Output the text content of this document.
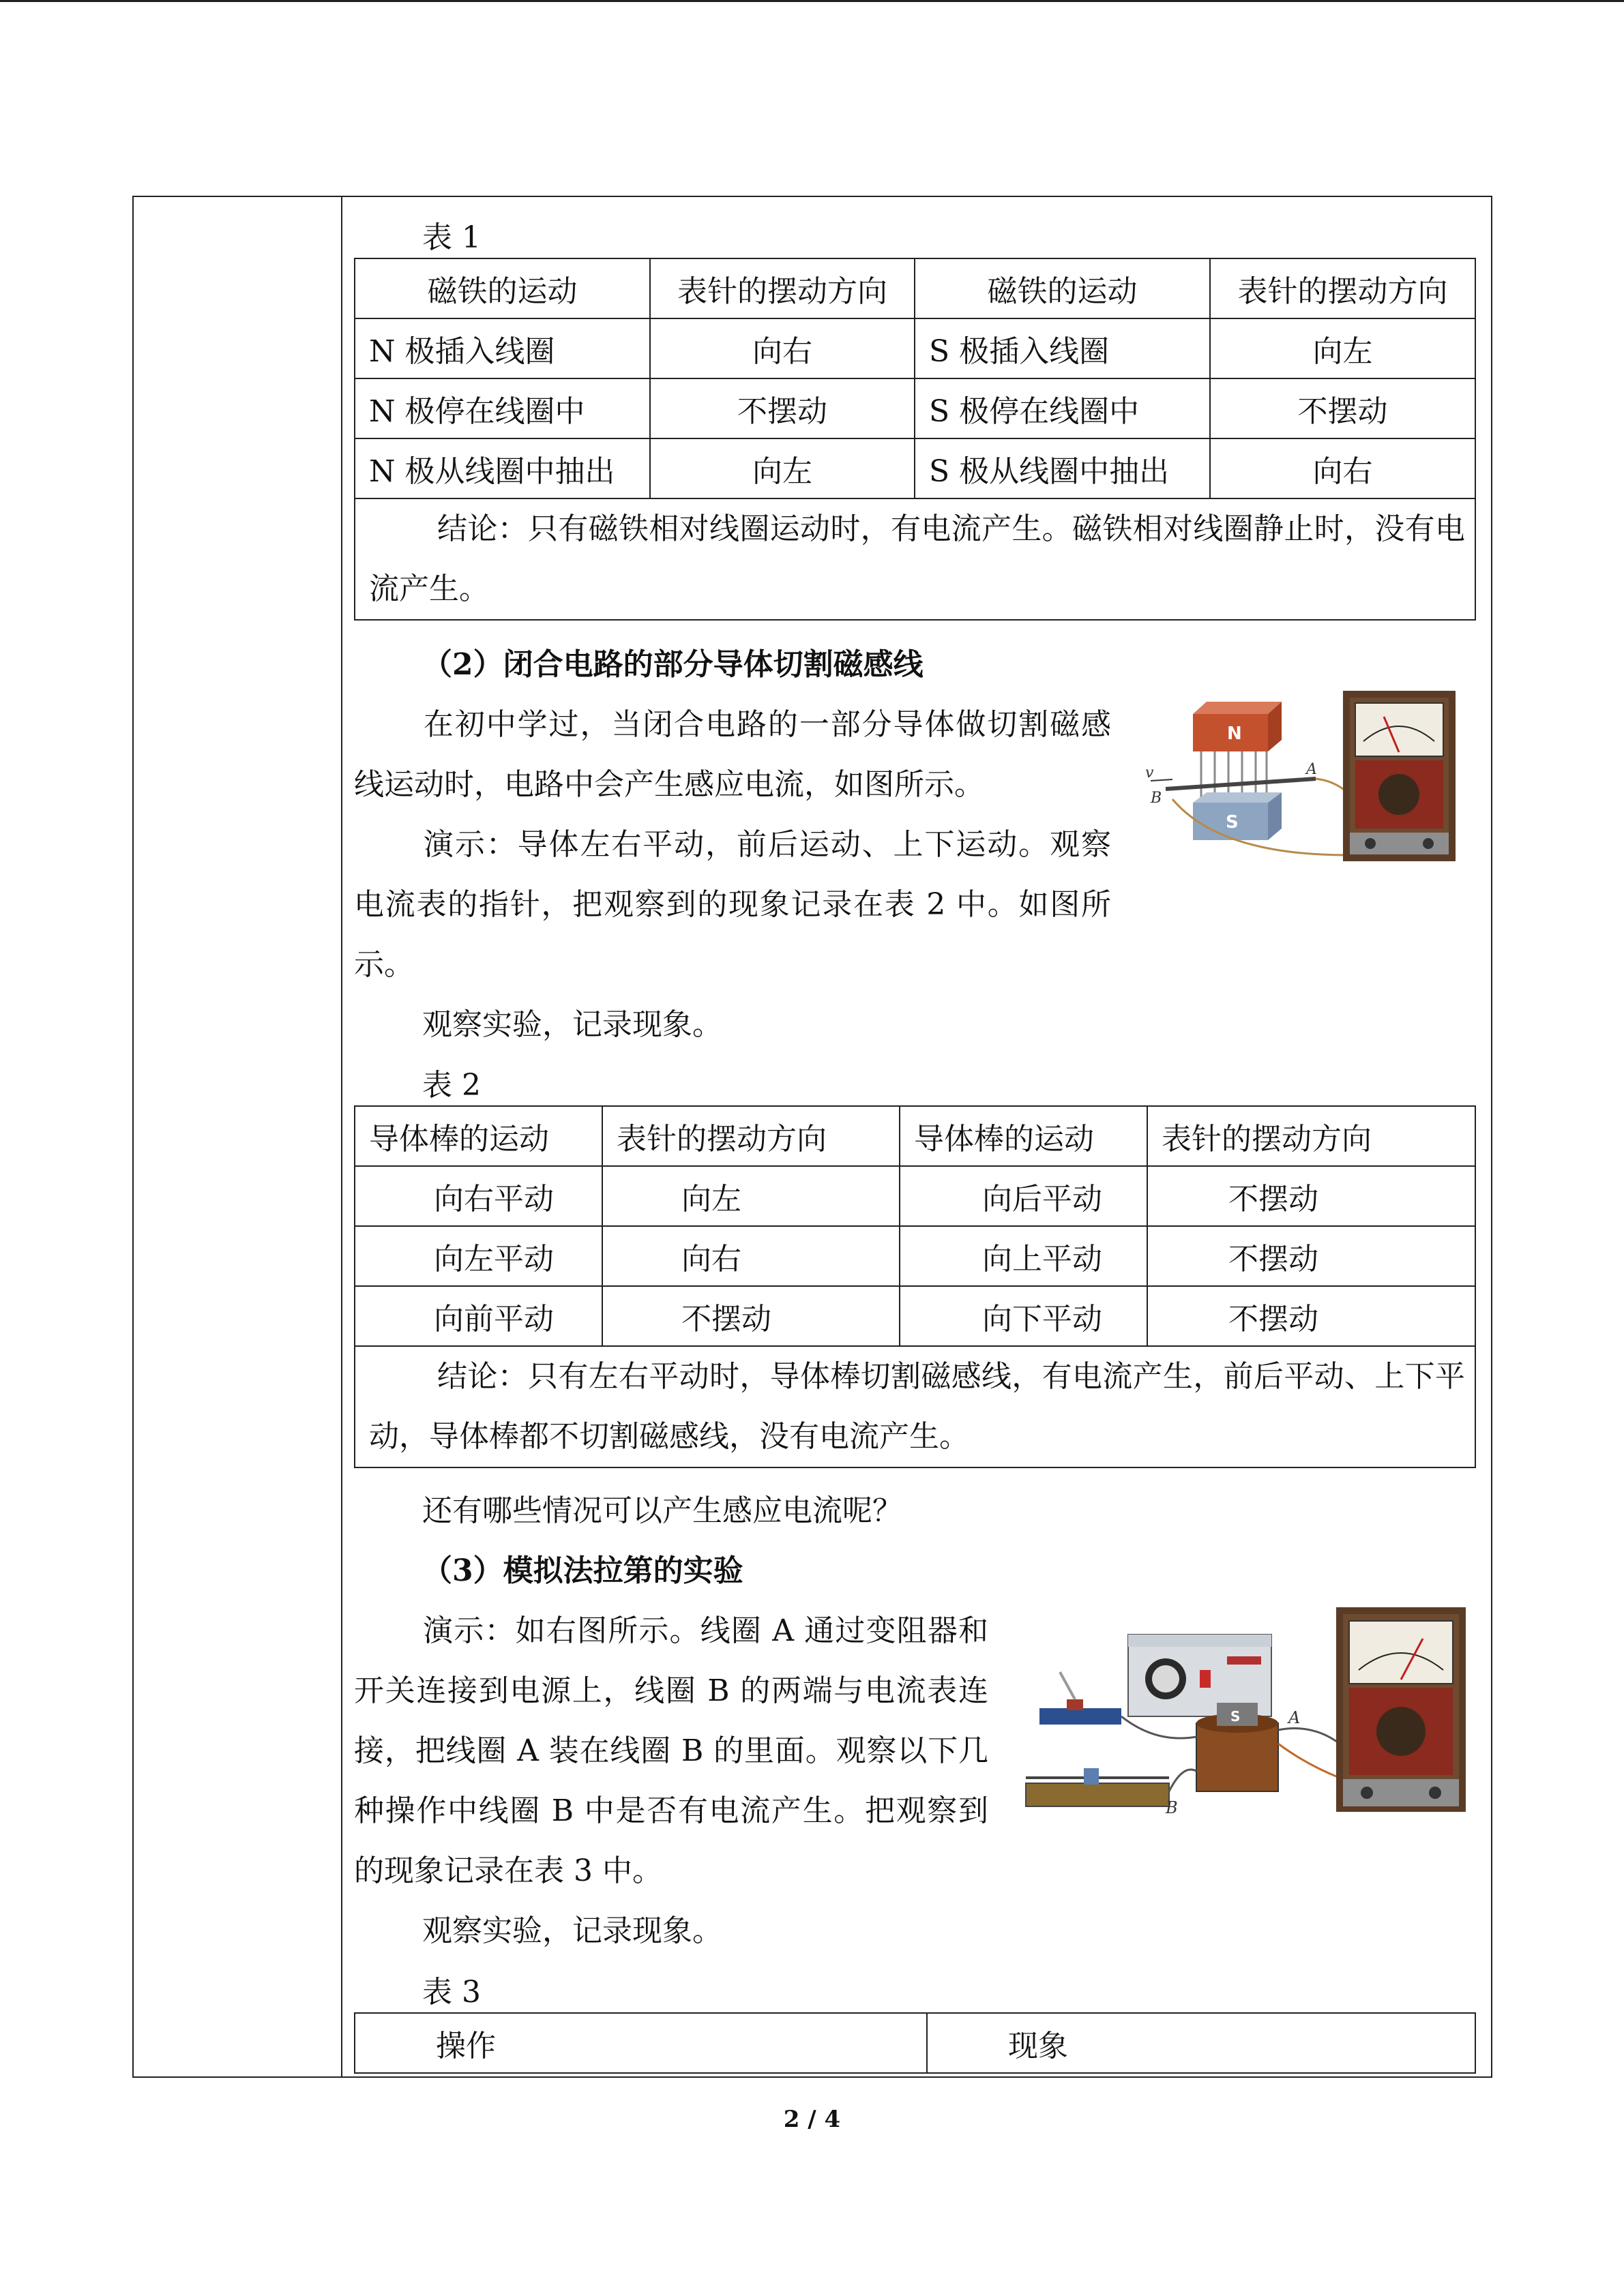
表 1
磁铁的运动	表针的摆动方向	磁铁的运动	表针的摆动方向
N 极插入线圈	向右	S 极插入线圈	向左
N 极停在线圈中	不摆动	S 极停在线圈中	不摆动
N 极从线圈中抽出	向左	S 极从线圈中抽出	向右
结论：只有磁铁相对线圈运动时，有电流产生。磁铁相对线圈静止时，没有电流产生。			
（2）闭合电路的部分导体切割磁感线
在初中学过，当闭合电路的一部分导体做切割磁感线运动时，电路中会产生感应电流，如图所示。
演示：导体左右平动，前后运动、上下运动。观察电流表的指针，把观察到的现象记录在表 2 中。如图所示。
观察实验，记录现象。
N
S
v
B
A
表 2
导体棒的运动	表针的摆动方向	导体棒的运动	表针的摆动方向
向右平动	向左	向后平动	不摆动
向左平动	向右	向上平动	不摆动
向前平动	不摆动	向下平动	不摆动
结论：只有左右平动时，导体棒切割磁感线，有电流产生，前后平动、上下平动，导体棒都不切割磁感线，没有电流产生。			
还有哪些情况可以产生感应电流呢？
（3）模拟法拉第的实验
演示：如右图所示。线圈 A 通过变阻器和开关连接到电源上，线圈 B 的两端与电流表连接，把线圈 A 装在线圈 B 的里面。观察以下几种操作中线圈 B 中是否有电流产生。把观察到的现象记录在表 3 中。
观察实验，记录现象。
S	A
B
表 3
操作	现象
2 / 4
